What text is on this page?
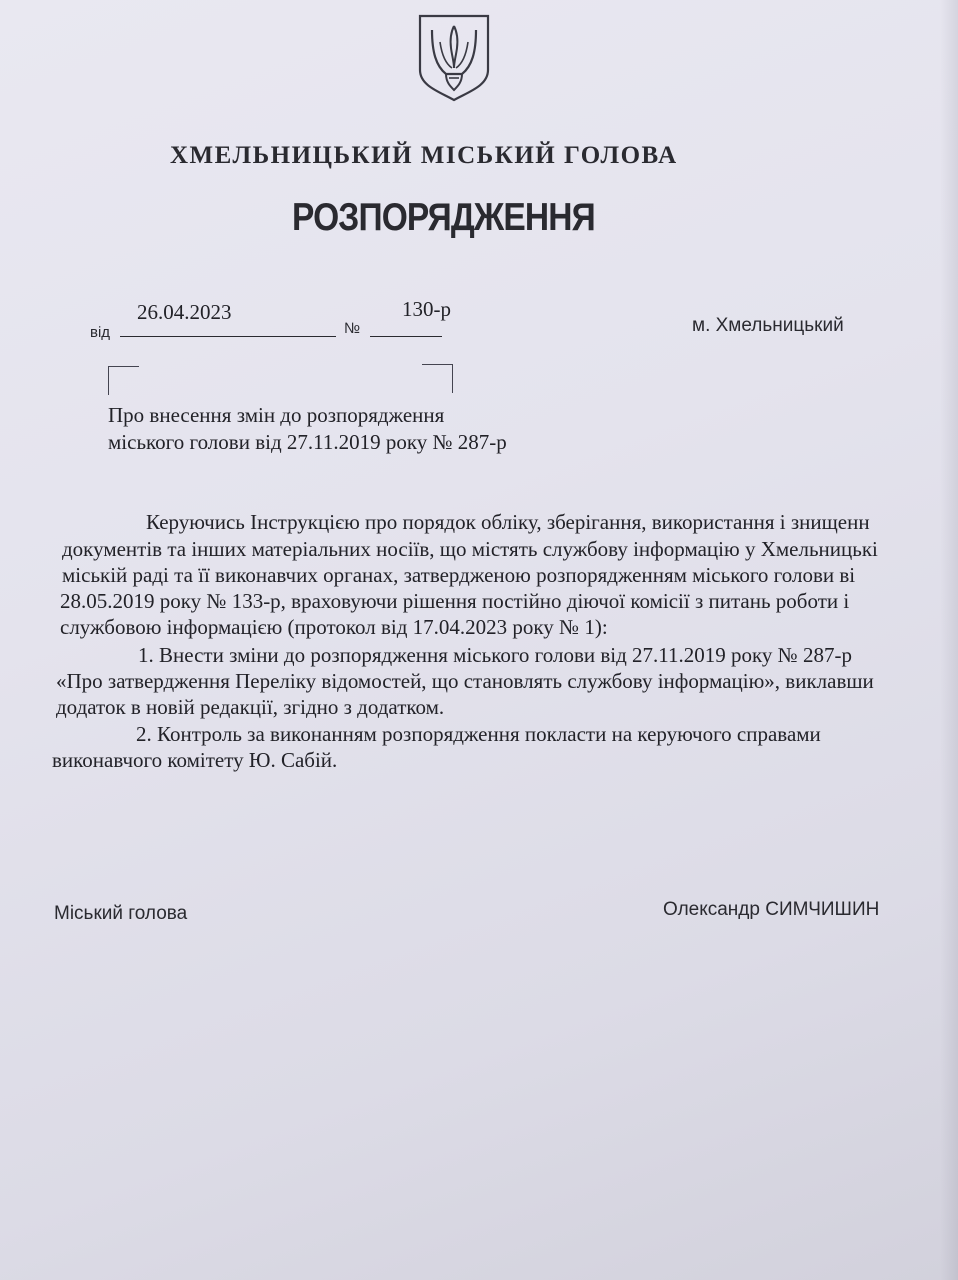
ХМЕЛЬНИЦЬКИЙ МІСЬКИЙ ГОЛОВА
РОЗПОРЯДЖЕННЯ
від
26.04.2023
№
130-р
м. Хмельницький
Про внесення змін до розпорядження
міського голови від 27.11.2019 року № 287-р
Керуючись Інструкцією про порядок обліку, зберігання, використання і знищенн
документів та інших матеріальних носіїв, що містять службову інформацію у Хмельницькі
міській раді та її виконавчих органах, затвердженою розпорядженням міського голови ві
28.05.2019 року № 133-р, враховуючи рішення постійно діючої комісії з питань роботи і
службовою інформацією (протокол від 17.04.2023 року № 1):
1. Внести зміни до розпорядження міського голови від 27.11.2019 року № 287-р
«Про затвердження Переліку відомостей, що становлять службову інформацію», виклавши
додаток в новій редакції, згідно з додатком.
2. Контроль за виконанням розпорядження покласти на керуючого справами
виконавчого комітету Ю. Сабій.
Міський голова	Олександр СИМЧИШИН
